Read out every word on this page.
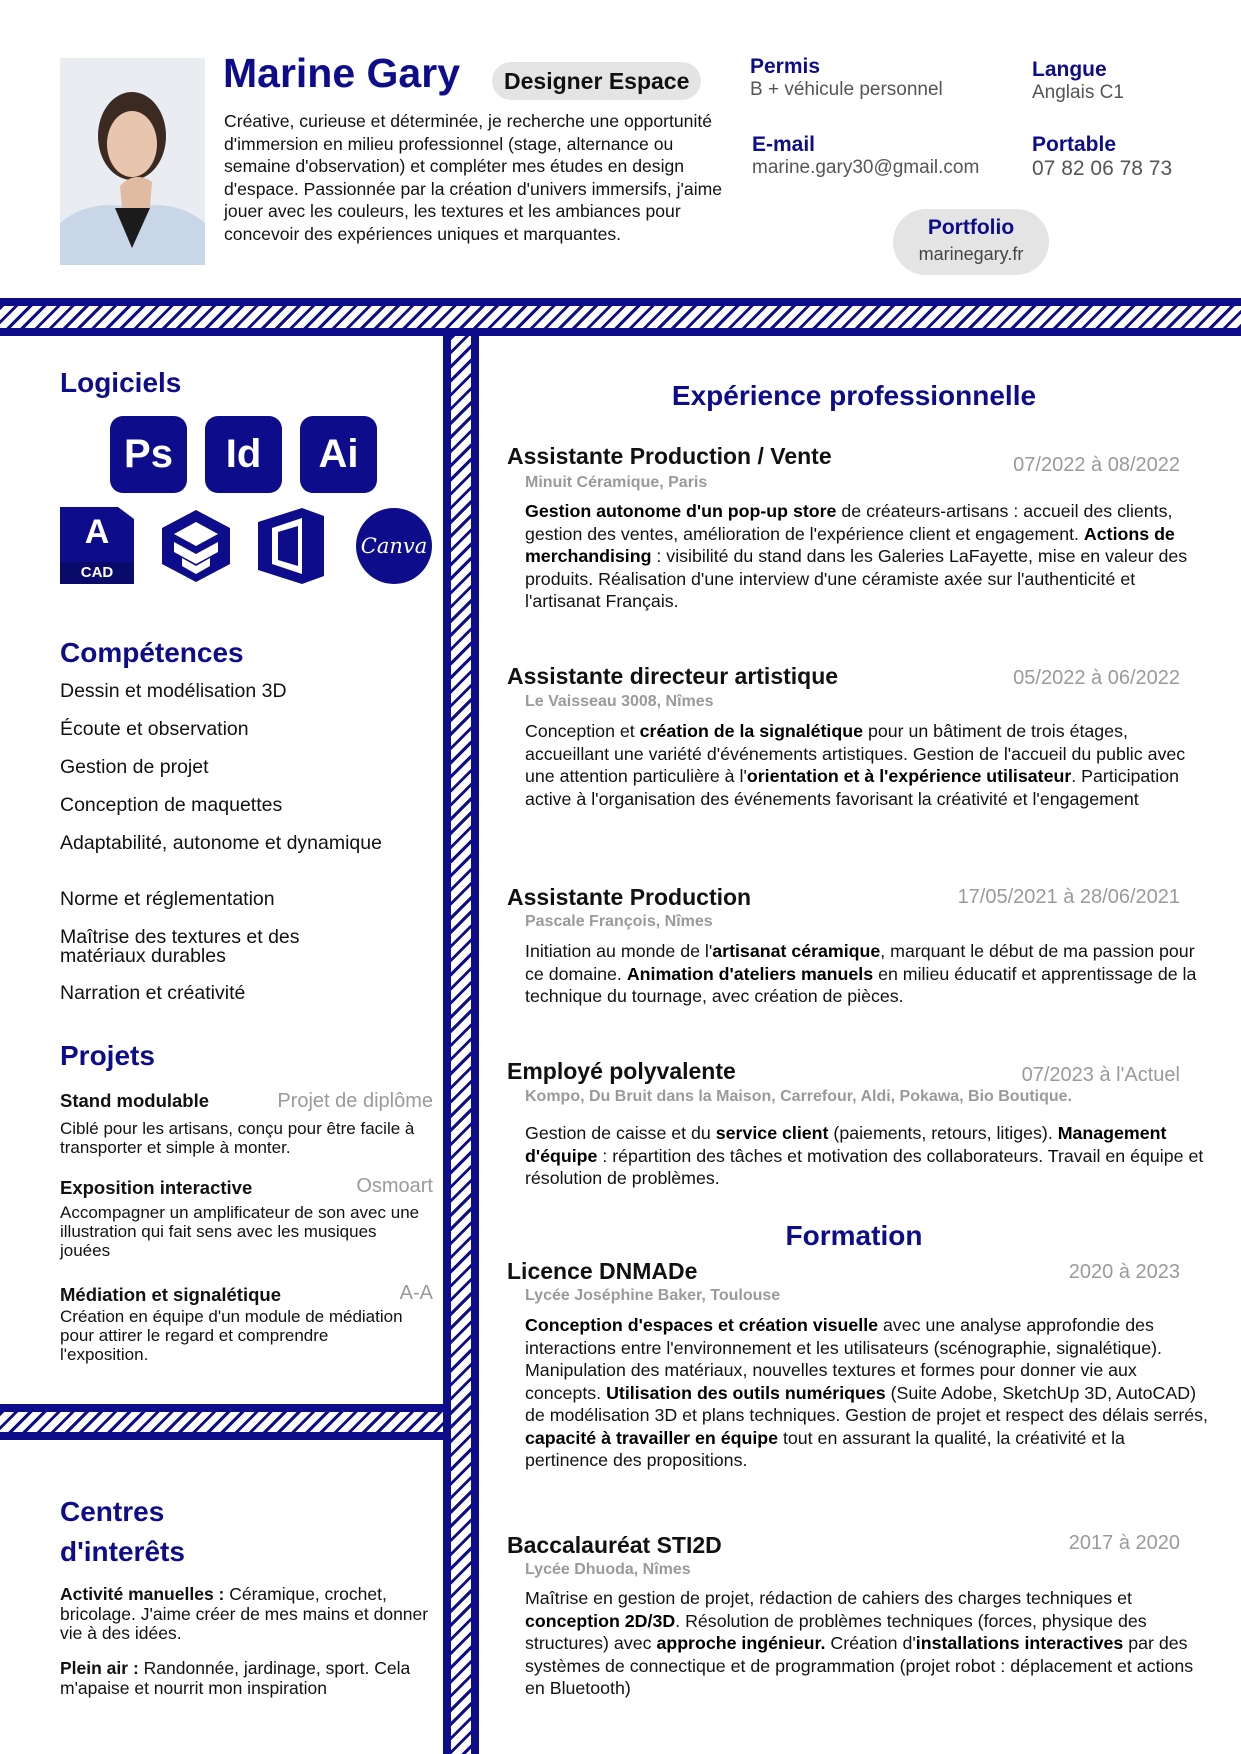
Marine Gary	Designer Espace
Créative, curieuse et déterminée, je recherche une opportunité d'immersion en milieu professionnel (stage, alternance ou semaine d'observation) et compléter mes études en design d'espace. Passionnée par la création d'univers immersifs, j'aime jouer avec les couleurs, les textures et les ambiances pour concevoir des expériences uniques et marquantes.
Permis
B + véhicule personnel
Langue
Anglais C1
E-mail
marine.gary30@gmail.com
Portable
07 82 06 78 73
Portfolio
marinegary.fr
Logiciels
Ps	Id	Ai
A
CAD
Canva
Compétences
Dessin et modélisation 3D
Écoute et observation
Gestion de projet
Conception de maquettes
Adaptabilité, autonome et dynamique
Norme et réglementation
Maîtrise des textures et des matériaux durables
Narration et créativité
Projets
Stand modulable	Projet de diplôme
Ciblé pour les artisans, conçu pour être facile à transporter et simple à monter.
Exposition interactive	Osmoart
Accompagner un amplificateur de son avec une illustration qui fait sens avec les musiques jouées
Médiation et signalétique	A-A
Création en équipe d'un module de médiation pour attirer le regard et comprendre l'exposition.
Centres
d'interêts
Activité manuelles : Céramique, crochet, bricolage. J'aime créer de mes mains et donner vie à des idées.
Plein air : Randonnée, jardinage, sport. Cela m'apaise et nourrit mon inspiration
Expérience professionnelle
Assistante Production / Vente	07/2022 à 08/2022
Minuit Céramique, Paris
Gestion autonome d'un pop-up store de créateurs-artisans : accueil des clients, gestion des ventes, amélioration de l'expérience client et engagement. Actions de merchandising : visibilité du stand dans les Galeries LaFayette, mise en valeur des produits. Réalisation d'une interview d'une céramiste axée sur l'authenticité et l'artisanat Français.
Assistante directeur artistique	05/2022 à 06/2022
Le Vaisseau 3008, Nîmes
Conception et création de la signalétique pour un bâtiment de trois étages, accueillant une variété d'événements artistiques. Gestion de l'accueil du public avec une attention particulière à l'orientation et à l'expérience utilisateur. Participation active à l'organisation des événements favorisant la créativité et l'engagement
Assistante Production	17/05/2021 à 28/06/2021
Pascale François, Nîmes
Initiation au monde de l'artisanat céramique, marquant le début de ma passion pour ce domaine. Animation d'ateliers manuels en milieu éducatif et apprentissage de la technique du tournage, avec création de pièces.
Employé polyvalente	07/2023 à l'Actuel
Kompo, Du Bruit dans la Maison, Carrefour, Aldi, Pokawa, Bio Boutique.
Gestion de caisse et du service client (paiements, retours, litiges). Management d'équipe : répartition des tâches et motivation des collaborateurs. Travail en équipe et résolution de problèmes.
Formation
Licence DNMADe	2020 à 2023
Lycée Joséphine Baker, Toulouse
Conception d'espaces et création visuelle avec une analyse approfondie des interactions entre l'environnement et les utilisateurs (scénographie, signalétique). Manipulation des matériaux, nouvelles textures et formes pour donner vie aux concepts. Utilisation des outils numériques (Suite Adobe, SketchUp 3D, AutoCAD) de modélisation 3D et plans techniques. Gestion de projet et respect des délais serrés, capacité à travailler en équipe tout en assurant la qualité, la créativité et la pertinence des propositions.
Baccalauréat STI2D	2017 à 2020
Lycée Dhuoda, Nîmes
Maîtrise en gestion de projet, rédaction de cahiers des charges techniques et conception 2D/3D. Résolution de problèmes techniques (forces, physique des structures) avec approche ingénieur. Création d'installations interactives par des systèmes de connectique et de programmation (projet robot : déplacement et actions en Bluetooth)
